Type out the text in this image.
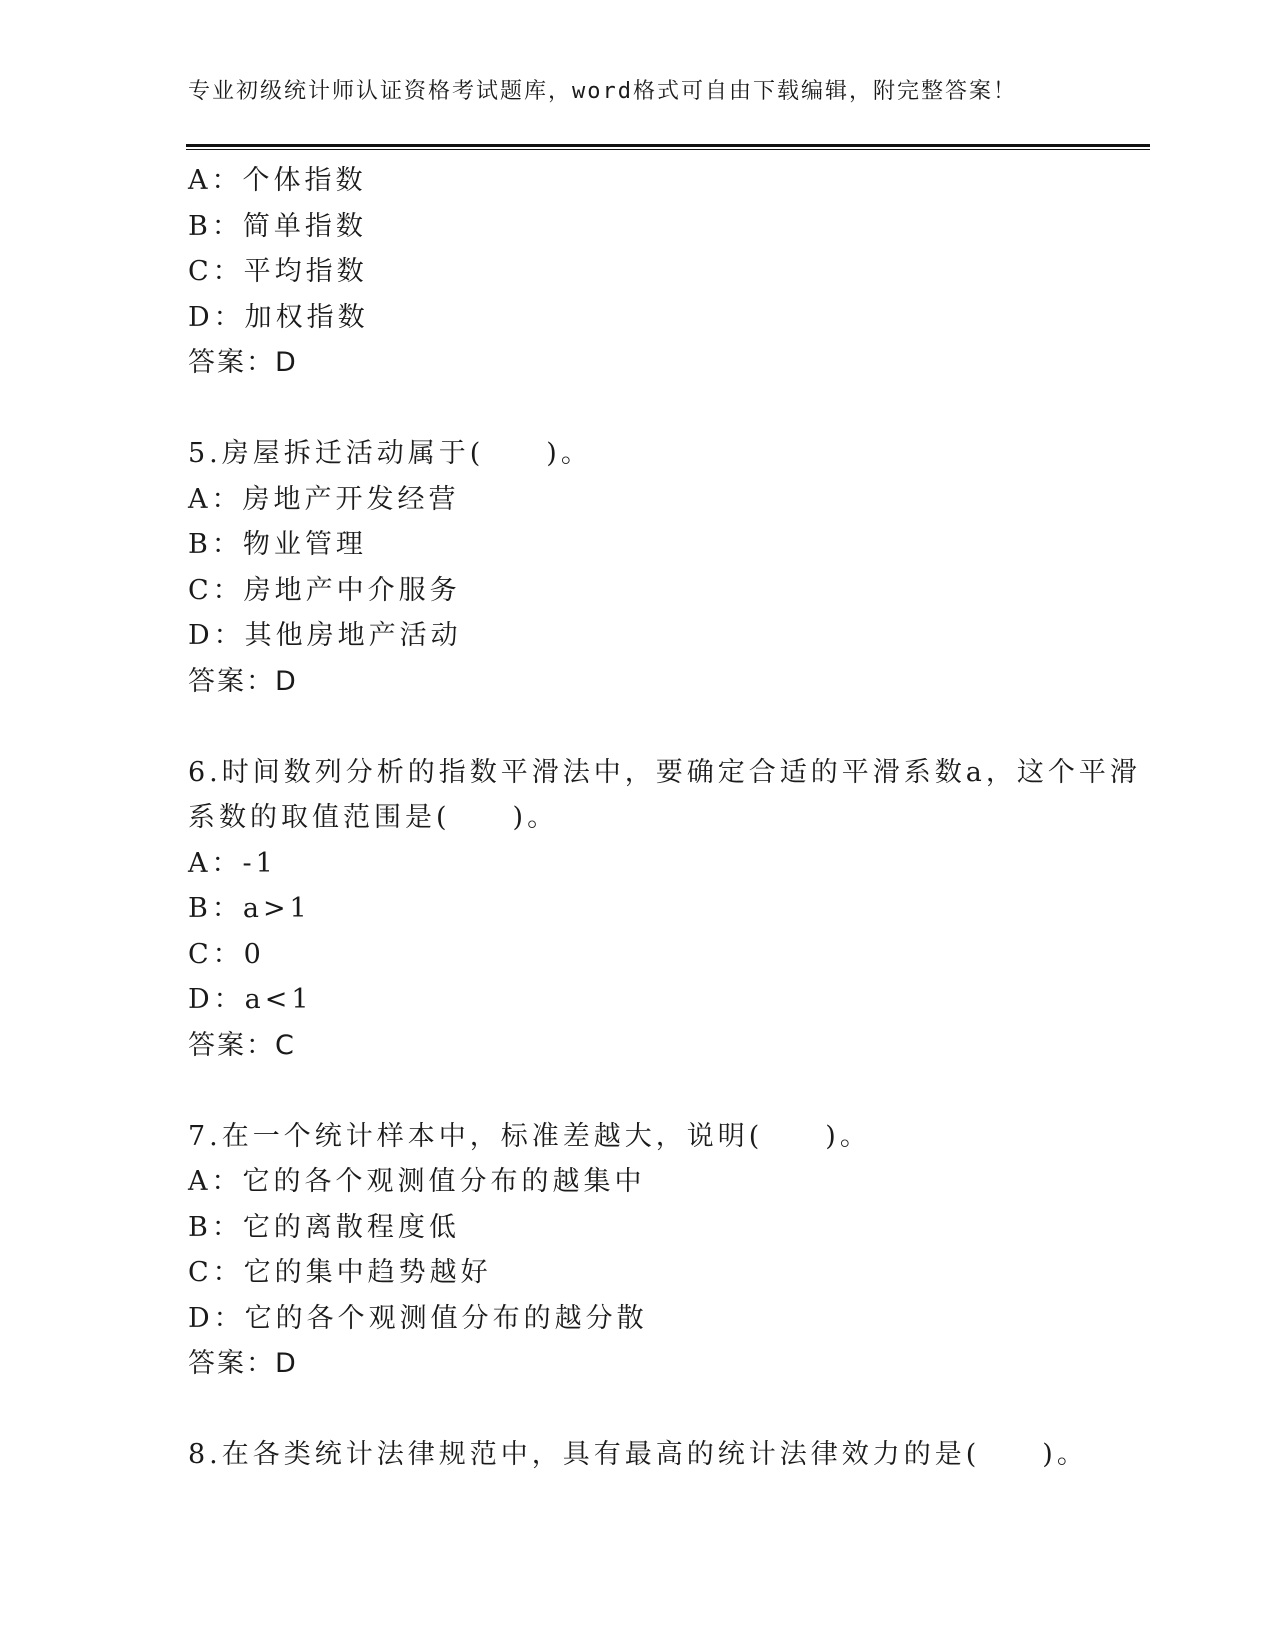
专业初级统计师认证资格考试题库，word格式可自由下载编辑，附完整答案！
A：个体指数
B：简单指数
C：平均指数
D：加权指数
答案：D
5.房屋拆迁活动属于(　　)。
A：房地产开发经营
B：物业管理
C：房地产中介服务
D：其他房地产活动
答案：D
6.时间数列分析的指数平滑法中，要确定合适的平滑系数a，这个平滑
系数的取值范围是(　　)。
A：-1
B：a>1
C：0
D：a<1
答案：C
7.在一个统计样本中，标准差越大，说明(　　)。
A：它的各个观测值分布的越集中
B：它的离散程度低
C：它的集中趋势越好
D：它的各个观测值分布的越分散
答案：D
8.在各类统计法律规范中，具有最高的统计法律效力的是(　　)。
